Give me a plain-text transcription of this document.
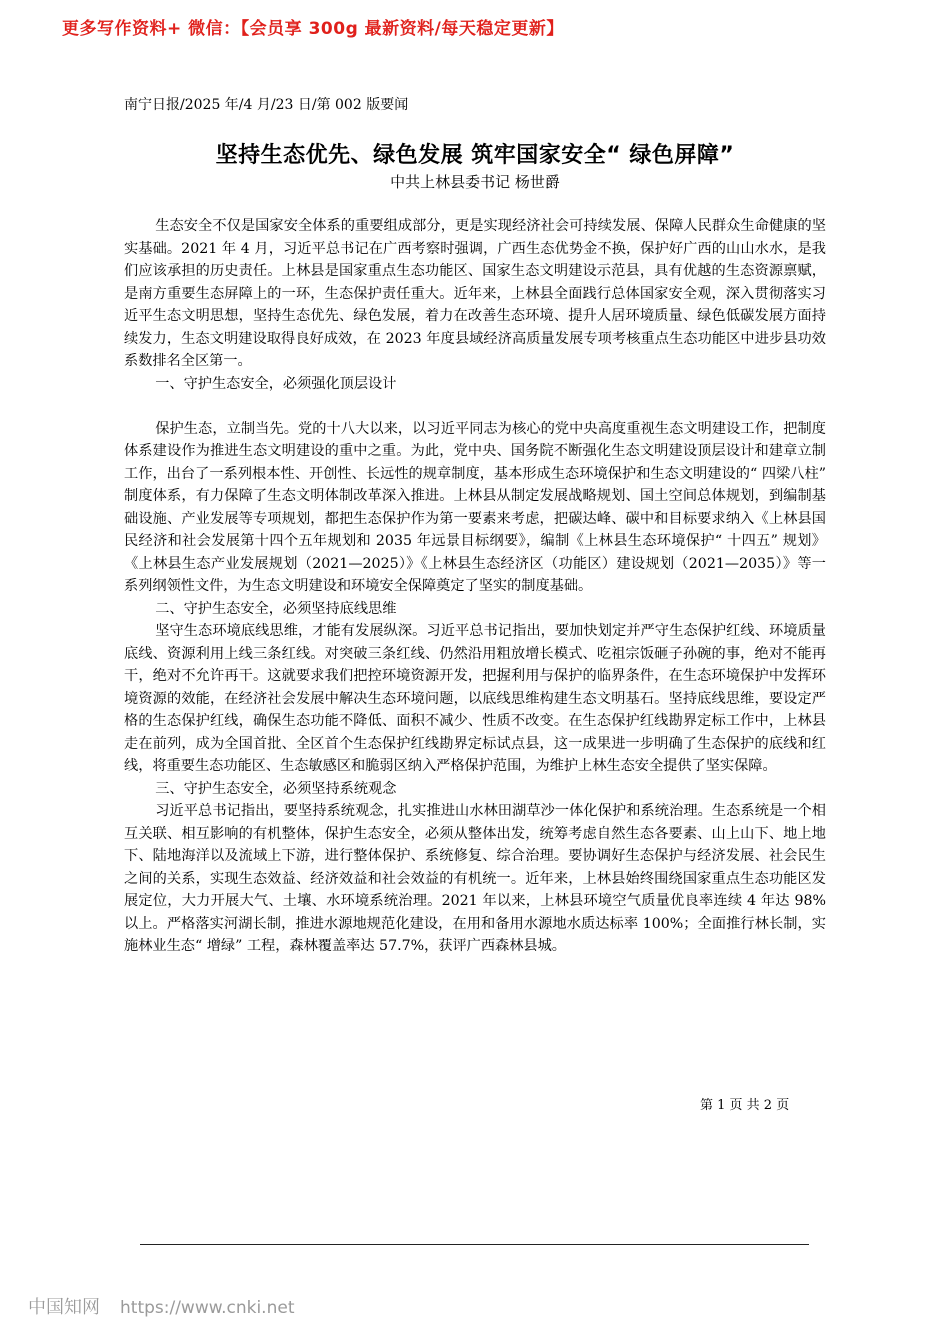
更多写作资料+ 微信：【会员享 300g 最新资料/每天稳定更新】
南宁日报/2025 年/4 月/23 日/第 002 版要闻
坚持生态优先、绿色发展 筑牢国家安全“ 绿色屏障”
中共上林县委书记 杨世爵

生态安全不仅是国家安全体系的重要组成部分，更是实现经济社会可持续发展、保障人民群众生命健康的坚实基础。2021 年 4 月，习近平总书记在广西考察时强调，广西生态优势金不换，保护好广西的山山水水，是我们应该承担的历史责任。上林县是国家重点生态功能区、国家生态文明建设示范县，具有优越的生态资源禀赋，是南方重要生态屏障上的一环，生态保护责任重大。近年来，上林县全面践行总体国家安全观，深入贯彻落实习近平生态文明思想，坚持生态优先、绿色发展，着力在改善生态环境、提升人居环境质量、绿色低碳发展方面持续发力，生态文明建设取得良好成效，在 2023 年度县域经济高质量发展专项考核重点生态功能区中进步县功效系数排名全区第一。

一、守护生态安全，必须强化顶层设计

保护生态，立制当先。党的十八大以来，以习近平同志为核心的党中央高度重视生态文明建设工作，把制度体系建设作为推进生态文明建设的重中之重。为此，党中央、国务院不断强化生态文明建设顶层设计和建章立制工作，出台了一系列根本性、开创性、长远性的规章制度，基本形成生态环境保护和生态文明建设的“ 四梁八柱” 制度体系，有力保障了生态文明体制改革深入推进。上林县从制定发展战略规划、国土空间总体规划，到编制基础设施、产业发展等专项规划，都把生态保护作为第一要素来考虑，把碳达峰、碳中和目标要求纳入《上林县国民经济和社会发展第十四个五年规划和 2035 年远景目标纲要》，编制《上林县生态环境保护“ 十四五” 规划》《上林县生态产业发展规划（2021—2025）》《上林县生态经济区（功能区）建设规划（2021—2035）》等一系列纲领性文件，为生态文明建设和环境安全保障奠定了坚实的制度基础。

二、守护生态安全，必须坚持底线思维

坚守生态环境底线思维，才能有发展纵深。习近平总书记指出，要加快划定并严守生态保护红线、环境质量底线、资源利用上线三条红线。对突破三条红线、仍然沿用粗放增长模式、吃祖宗饭砸子孙碗的事，绝对不能再干，绝对不允许再干。这就要求我们把控环境资源开发，把握利用与保护的临界条件，在生态环境保护中发挥环境资源的效能，在经济社会发展中解决生态环境问题，以底线思维构建生态文明基石。坚持底线思维，要设定严格的生态保护红线，确保生态功能不降低、面积不减少、性质不改变。在生态保护红线勘界定标工作中，上林县走在前列，成为全国首批、全区首个生态保护红线勘界定标试点县，这一成果进一步明确了生态保护的底线和红线，将重要生态功能区、生态敏感区和脆弱区纳入严格保护范围，为维护上林生态安全提供了坚实保障。

三、守护生态安全，必须坚持系统观念

习近平总书记指出，要坚持系统观念，扎实推进山水林田湖草沙一体化保护和系统治理。生态系统是一个相互关联、相互影响的有机整体，保护生态安全，必须从整体出发，统筹考虑自然生态各要素、山上山下、地上地下、陆地海洋以及流域上下游，进行整体保护、系统修复、综合治理。要协调好生态保护与经济发展、社会民生之间的关系，实现生态效益、经济效益和社会效益的有机统一。近年来，上林县始终围绕国家重点生态功能区发展定位，大力开展大气、土壤、水环境系统治理。2021 年以来，上林县环境空气质量优良率连续 4 年达 98%以上。严格落实河湖长制，推进水源地规范化建设，在用和备用水源地水质达标率 100%；全面推行林长制，实施林业生态“ 增绿” 工程，森林覆盖率达 57.7%，获评广西森林县城。

第 1 页 共 2 页
中国知网 https://www.cnki.net
